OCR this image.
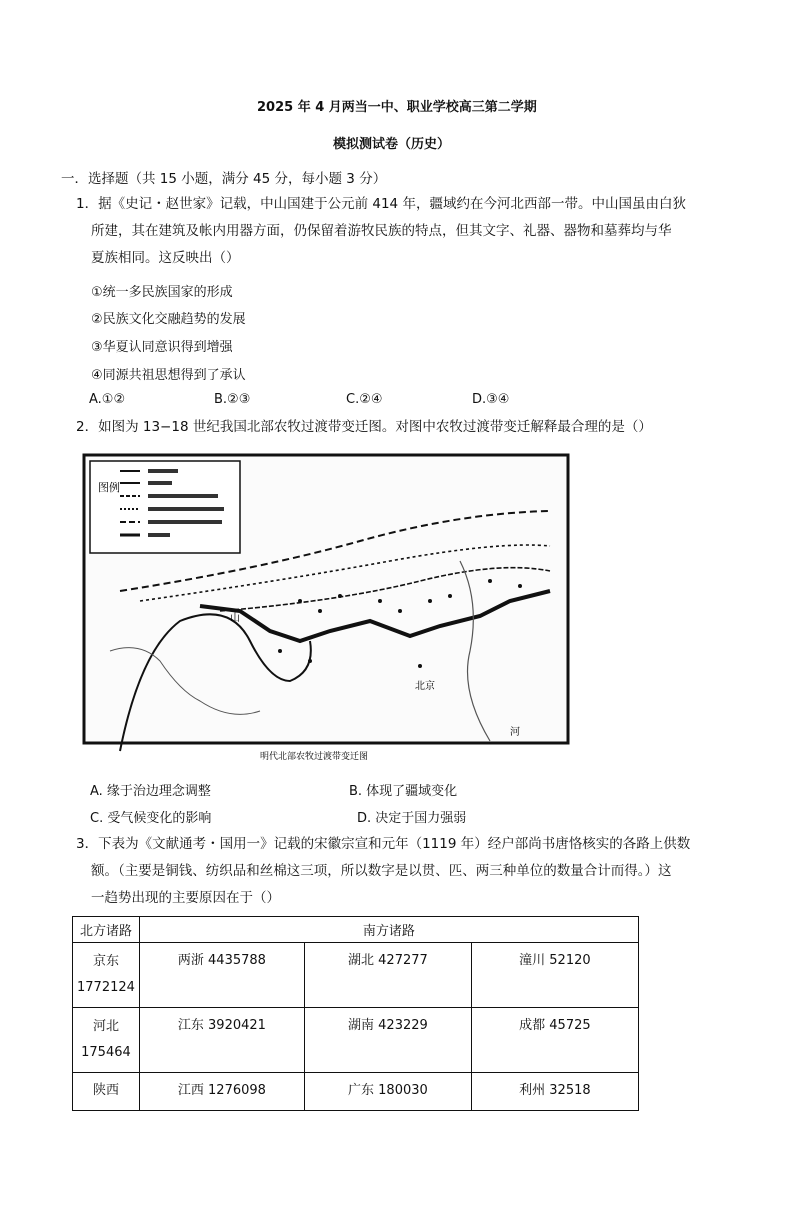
2025 年 4 月两当一中、职业学校高三第二学期
模拟测试卷（历史）
一．选择题（共 15 小题，满分 45 分，每小题 3 分）
1．据《史记・赵世家》记载，中山国建于公元前 414 年，疆域约在今河北西部一带。中山国虽由白狄
所建，其在建筑及帐内用器方面，仍保留着游牧民族的特点，但其文字、礼器、器物和墓葬均与华
夏族相同。这反映出（）
①统一多民族国家的形成
②民族文化交融趋势的发展
③华夏认同意识得到增强
④同源共祖思想得到了承认
A.①②	B.②③	C.②④	D.③④
2．如图为 13−18 世纪我国北部农牧过渡带变迁图。对图中农牧过渡带变迁解释最合理的是（）
图例
北京
河
山
明代北部农牧过渡带变迁图
A. 缘于治边理念调整	B. 体现了疆域变化
C. 受气候变化的影响	D. 决定于国力强弱
3．下表为《文献通考・国用一》记载的宋徽宗宣和元年（1119 年）经户部尚书唐恪核实的各路上供数
额。（主要是铜钱、纺织品和丝棉这三项，所以数字是以贯、匹、两三种单位的数量合计而得。）这
一趋势出现的主要原因在于（）
北方诸路	南方诸路		

京东
1772124	两浙 4435788	湖北 427277	潼川 52120

河北
175464	江东 3920421	湖南 423229	成都 45725

陕西	江西 1276098	广东 180030	利州 32518
